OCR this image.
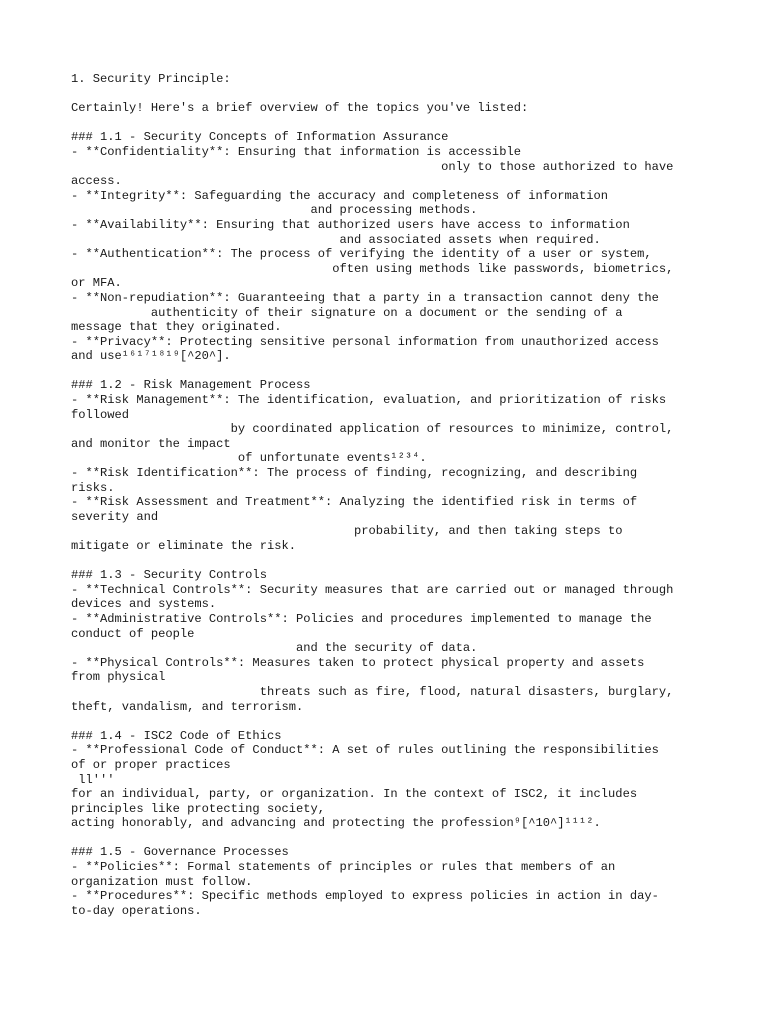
1. Security Principle:
Certainly! Here's a brief overview of the topics you've listed:
### 1.1 - Security Concepts of Information Assurance
- **Confidentiality**: Ensuring that information is accessible
only to those authorized to have
access.
- **Integrity**: Safeguarding the accuracy and completeness of information
and processing methods.
- **Availability**: Ensuring that authorized users have access to information
and associated assets when required.
- **Authentication**: The process of verifying the identity of a user or system,
often using methods like passwords, biometrics,
or MFA.
- **Non-repudiation**: Guaranteeing that a party in a transaction cannot deny the
authenticity of their signature on a document or the sending of a
message that they originated.
- **Privacy**: Protecting sensitive personal information from unauthorized access
and use¹⁶¹⁷¹⁸¹⁹[^20^].
### 1.2 - Risk Management Process
- **Risk Management**: The identification, evaluation, and prioritization of risks
followed
by coordinated application of resources to minimize, control,
and monitor the impact
of unfortunate events¹²³⁴.
- **Risk Identification**: The process of finding, recognizing, and describing
risks.
- **Risk Assessment and Treatment**: Analyzing the identified risk in terms of
severity and
probability, and then taking steps to
mitigate or eliminate the risk.
### 1.3 - Security Controls
- **Technical Controls**: Security measures that are carried out or managed through
devices and systems.
- **Administrative Controls**: Policies and procedures implemented to manage the
conduct of people
and the security of data.
- **Physical Controls**: Measures taken to protect physical property and assets
from physical
threats such as fire, flood, natural disasters, burglary,
theft, vandalism, and terrorism.
### 1.4 - ISC2 Code of Ethics
- **Professional Code of Conduct**: A set of rules outlining the responsibilities
of or proper practices
ll'''
for an individual, party, or organization. In the context of ISC2, it includes
principles like protecting society,
acting honorably, and advancing and protecting the profession⁹[^10^]¹¹¹².
### 1.5 - Governance Processes
- **Policies**: Formal statements of principles or rules that members of an
organization must follow.
- **Procedures**: Specific methods employed to express policies in action in day-
to-day operations.
